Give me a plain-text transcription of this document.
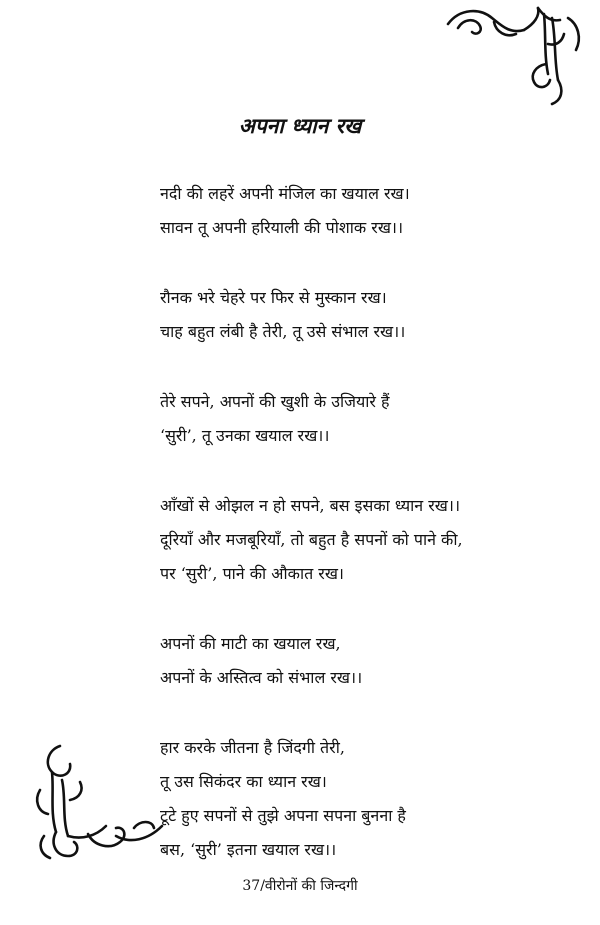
अपना ध्यान रख
नदी की लहरें अपनी मंजिल का खयाल रख।
सावन तू अपनी हरियाली की पोशाक रख।।
रौनक भरे चेहरे पर फिर से मुस्कान रख।
चाह बहुत लंबी है तेरी, तू उसे संभाल रख।।
तेरे सपने, अपनों की खुशी के उजियारे हैं
‘सुरी’, तू उनका खयाल रख।।
आँखों से ओझल न हो सपने, बस इसका ध्यान रख।।
दूरियाँ और मजबूरियाँ, तो बहुत है सपनों को पाने की,
पर ‘सुरी’, पाने की औकात रख।
अपनों की माटी का खयाल रख,
अपनों के अस्तित्व को संभाल रख।।
हार करके जीतना है जिंदगी तेरी,
तू उस सिकंदर का ध्यान रख।
टूटे हुए सपनों से तुझे अपना सपना बुनना है
बस, ‘सुरी’ इतना खयाल रख।।
37/वीरोनों की जिन्दगी
